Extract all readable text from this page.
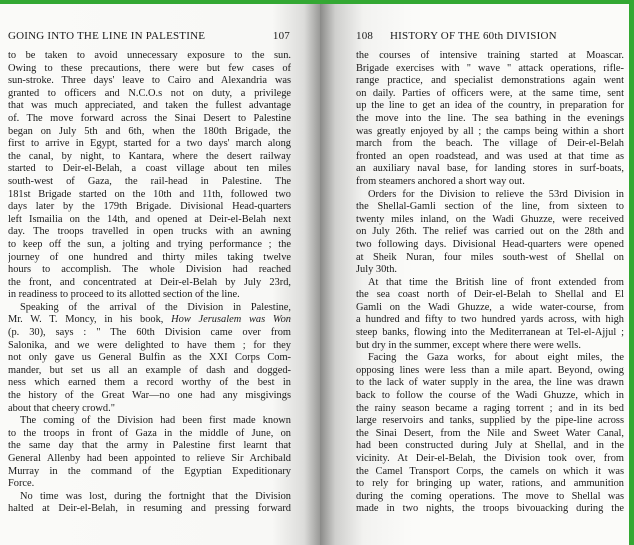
GOING INTO THE LINE IN PALESTINE	107
to be taken to avoid unnecessary exposure to the sun.
Owing to these precautions, there were but few cases of
sun-stroke. Three days' leave to Cairo and Alexandria was
granted to officers and N.C.O.s not on duty, a privilege
that was much appreciated, and taken the fullest advantage
of. The move forward across the Sinai Desert to Palestine
began on July 5th and 6th, when the 180th Brigade, the
first to arrive in Egypt, started for a two days' march along
the canal, by night, to Kantara, where the desert railway
started to Deir-el-Belah, a coast village about ten miles
south-west of Gaza, the rail-head in Palestine. The
181st Brigade started on the 10th and 11th, followed two
days later by the 179th Brigade. Divisional Head-quarters
left Ismailia on the 14th, and opened at Deir-el-Belah next
day. The troops travelled in open trucks with an awning
to keep off the sun, a jolting and trying performance ; the
journey of one hundred and thirty miles taking twelve
hours to accomplish. The whole Division had reached
the front, and concentrated at Deir-el-Belah by July 23rd,
in readiness to proceed to its allotted section of the line.
Speaking of the arrival of the Division in Palestine,
Mr. W. T. Moncy, in his book, How Jerusalem was Won
(p. 30), says : " The 60th Division came over from
Salonika, and we were delighted to have them ; for they
not only gave us General Bulfin as the XXI Corps Com-
mander, but set us all an example of dash and dogged-
ness which earned them a record worthy of the best in
the history of the Great War—no one had any misgivings
about that cheery crowd."
The coming of the Division had been first made known
to the troops in front of Gaza in the middle of June, on
the same day that the army in Palestine first learnt that
General Allenby had been appointed to relieve Sir Archibald
Murray in the command of the Egyptian Expeditionary
Force.
No time was lost, during the fortnight that the Division
halted at Deir-el-Belah, in resuming and pressing forward
108 HISTORY OF THE 60th DIVISION
the courses of intensive training started at Moascar.
Brigade exercises with " wave " attack operations, rifle-
range practice, and specialist demonstrations again went
on daily. Parties of officers were, at the same time, sent
up the line to get an idea of the country, in preparation for
the move into the line. The sea bathing in the evenings
was greatly enjoyed by all ; the camps being within a short
march from the beach. The village of Deir-el-Belah
fronted an open roadstead, and was used at that time as
an auxiliary naval base, for landing stores in surf-boats,
from steamers anchored a short way out.
Orders for the Division to relieve the 53rd Division in
the Shellal-Gamli section of the line, from sixteen to
twenty miles inland, on the Wadi Ghuzze, were received
on July 26th. The relief was carried out on the 28th and
two following days. Divisional Head-quarters were opened
at Sheik Nuran, four miles south-west of Shellal on
July 30th.
At that time the British line of front extended from
the sea coast north of Deir-el-Belah to Shellal and El
Gamli on the Wadi Ghuzze, a wide water-course, from
a hundred and fifty to two hundred yards across, with high
steep banks, flowing into the Mediterranean at Tel-el-Ajjul ;
but dry in the summer, except where there were wells.
Facing the Gaza works, for about eight miles, the
opposing lines were less than a mile apart. Beyond, owing
to the lack of water supply in the area, the line was drawn
back to follow the course of the Wadi Ghuzze, which in
the rainy season became a raging torrent ; and in its bed
large reservoirs and tanks, supplied by the pipe-line across
the Sinai Desert, from the Nile and Sweet Water Canal,
had been constructed during July at Shellal, and in the
vicinity. At Deir-el-Belah, the Division took over, from
the Camel Transport Corps, the camels on which it was
to rely for bringing up water, rations, and ammunition
during the coming operations. The move to Shellal was
made in two nights, the troops bivouacking during the
